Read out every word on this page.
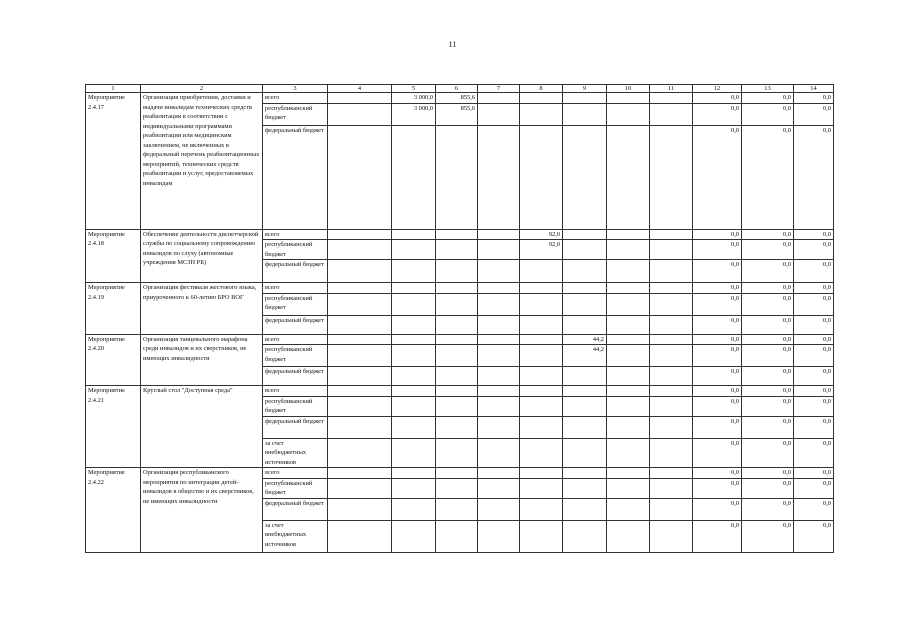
11
1	2	3	4	5	6	7	8	9	10	11	12	13	14
Мероприятие 2.4.17	Организация приобретения, доставки и выдачи инвалидам технических средств реабилитации в соответствии с индивидуальными программами реабилитации или медицинским заключением, не включенных в федеральный перечень реабилитационных мероприятий, технических средств реабилитации и услуг, предоставляемых инвалидам	всего		3 000,0	855,6						0,0	0,0	0,0
		республиканский бюджет		3 000,0	855,6						0,0	0,0	0,0
		федеральный бюджет									0,0	0,0	0,0
Мероприятие 2.4.18	Обеспечение деятельности диспетчерской службы по социальному сопровождению инвалидов по слуху (автономные учреждения МСЗН РБ)	всего					92,0				0,0	0,0	0,0
		республиканский бюджет					92,0				0,0	0,0	0,0
		федеральный бюджет									0,0	0,0	0,0
Мероприятие 2.4.19	Организация фестиваля жестового языка, приуроченного к 60-летию БРО ВОГ	всего									0,0	0,0	0,0
		республиканский бюджет									0,0	0,0	0,0
		федеральный бюджет									0,0	0,0	0,0
Мероприятие 2.4.20	Организация танцевального марафона среди инвалидов и их сверстников, не имеющих инвалидности	всего						44,2			0,0	0,0	0,0
		республиканский бюджет						44,2			0,0	0,0	0,0
		федеральный бюджет									0,0	0,0	0,0
Мероприятие 2.4.21	Круглый стол "Доступная среда"	всего									0,0	0,0	0,0
		республиканский бюджет									0,0	0,0	0,0
		федеральный бюджет									0,0	0,0	0,0
		за счет внебюджетных источников									0,0	0,0	0,0
Мероприятие 2.4.22	Организация республиканского мероприятия по интеграции детей-инвалидов в общество и их сверстников, не имеющих инвалидности	всего									0,0	0,0	0,0
		республиканский бюджет									0,0	0,0	0,0
		федеральный бюджет									0,0	0,0	0,0
		за счет внебюджетных источников									0,0	0,0	0,0
